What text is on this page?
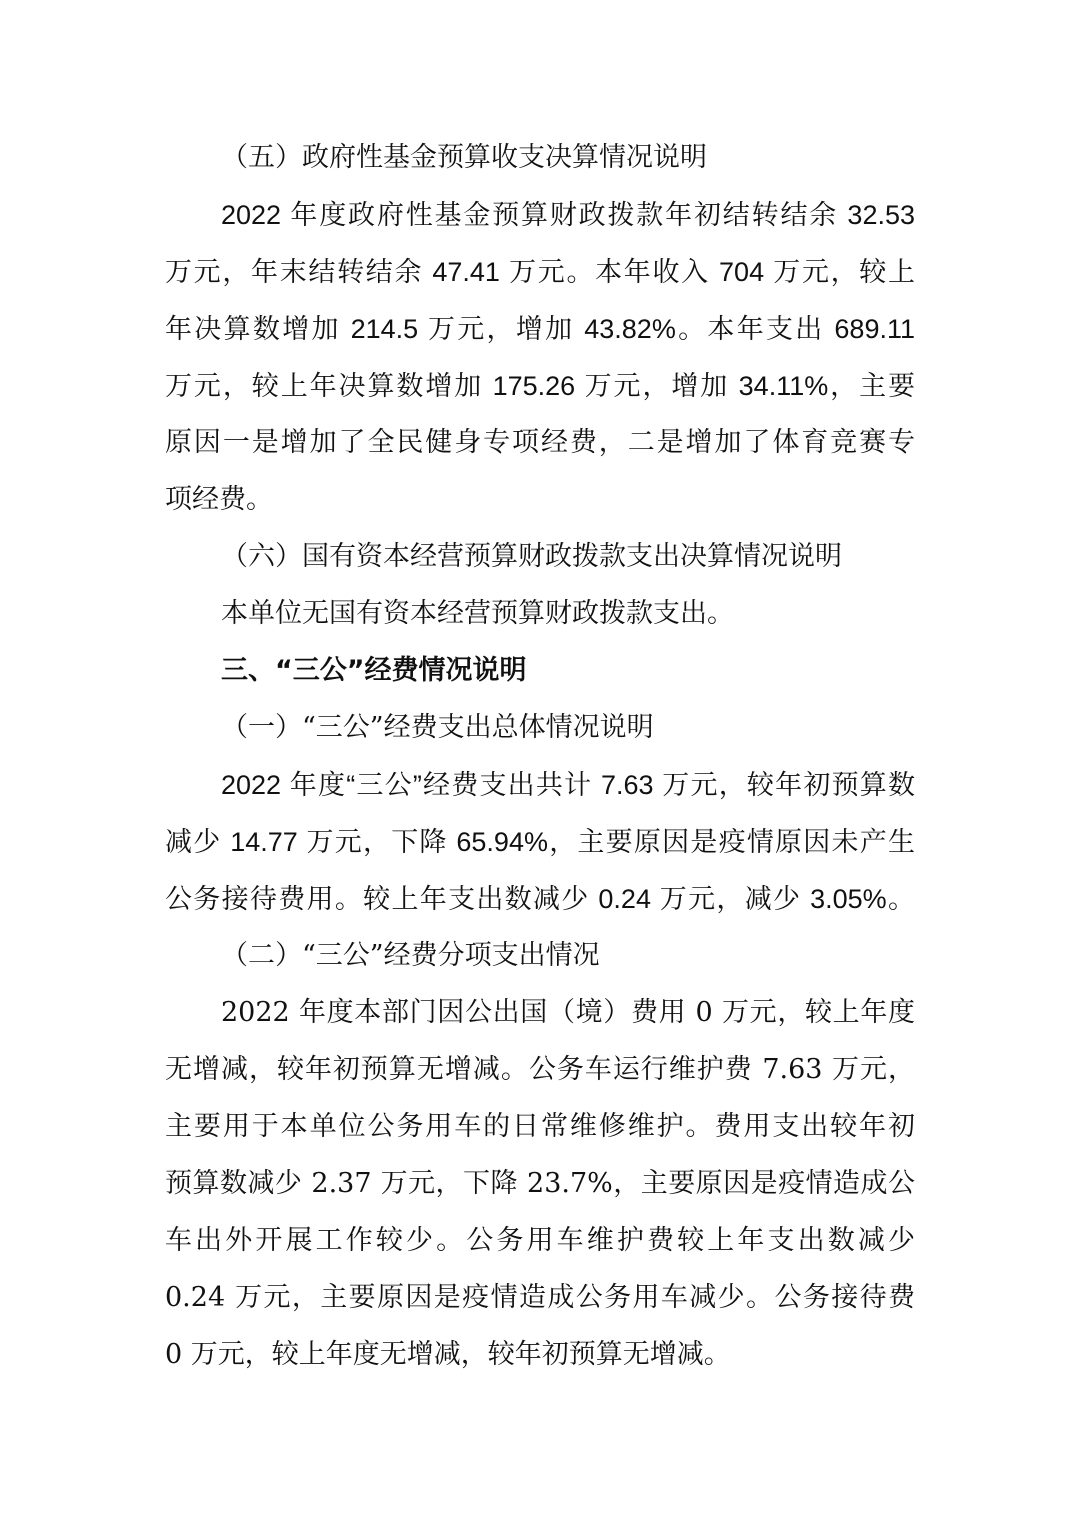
（五）政府性基金预算收支决算情况说明
2022 年度政府性基金预算财政拨款年初结转结余 32.53
万元，年末结转结余 47.41 万元。本年收入 704 万元，较上
年决算数增加 214.5 万元，增加 43.82%。本年支出 689.11
万元，较上年决算数增加 175.26 万元，增加 34.11%，主要
原因一是增加了全民健身专项经费，二是增加了体育竞赛专
项经费。
（六）国有资本经营预算财政拨款支出决算情况说明
本单位无国有资本经营预算财政拨款支出。
三、“三公”经费情况说明
（一）“三公”经费支出总体情况说明
2022 年度“三公”经费支出共计 7.63 万元，较年初预算数
减少 14.77 万元，下降 65.94%，主要原因是疫情原因未产生
公务接待费用。较上年支出数减少 0.24 万元，减少 3.05%。
（二）“三公”经费分项支出情况
2022 年度本部门因公出国（境）费用 0 万元，较上年度
无增减，较年初预算无增减。公务车运行维护费 7.63 万元，
主要用于本单位公务用车的日常维修维护。费用支出较年初
预算数减少 2.37 万元，下降 23.7%，主要原因是疫情造成公
车出外开展工作较少。公务用车维护费较上年支出数减少
0.24 万元，主要原因是疫情造成公务用车减少。公务接待费
0 万元，较上年度无增减，较年初预算无增减。
